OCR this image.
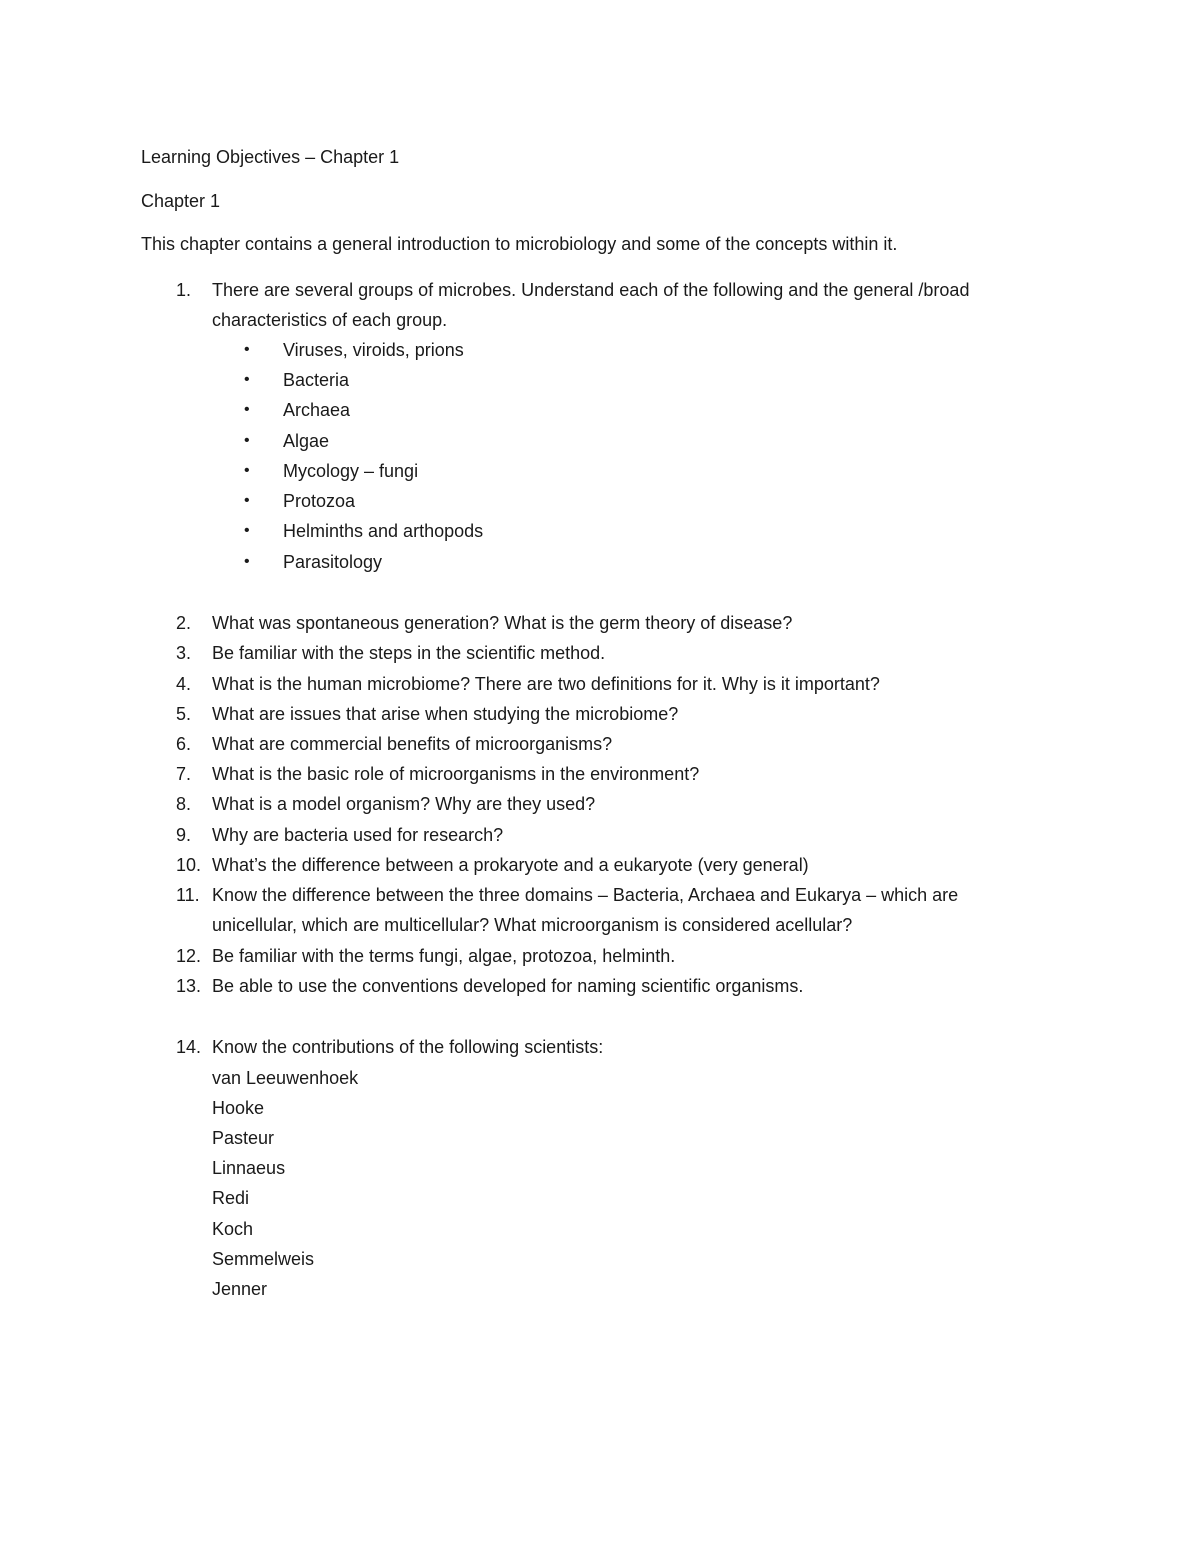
Learning Objectives – Chapter 1
Chapter 1
This chapter contains a general introduction to microbiology and some of the concepts within it.
1. There are several groups of microbes. Understand each of the following and the general /broad
characteristics of each group.
• Viruses, viroids, prions
• Bacteria
• Archaea
• Algae
• Mycology – fungi
• Protozoa
• Helminths and arthopods
• Parasitology
2. What was spontaneous generation? What is the germ theory of disease?
3. Be familiar with the steps in the scientific method.
4. What is the human microbiome? There are two definitions for it. Why is it important?
5. What are issues that arise when studying the microbiome?
6. What are commercial benefits of microorganisms?
7. What is the basic role of microorganisms in the environment?
8. What is a model organism? Why are they used?
9. Why are bacteria used for research?
10. What’s the difference between a prokaryote and a eukaryote (very general)
11. Know the difference between the three domains – Bacteria, Archaea and Eukarya – which are
unicellular, which are multicellular? What microorganism is considered acellular?
12. Be familiar with the terms fungi, algae, protozoa, helminth.
13. Be able to use the conventions developed for naming scientific organisms.
14. Know the contributions of the following scientists:
van Leeuwenhoek
Hooke
Pasteur
Linnaeus
Redi
Koch
Semmelweis
Jenner
